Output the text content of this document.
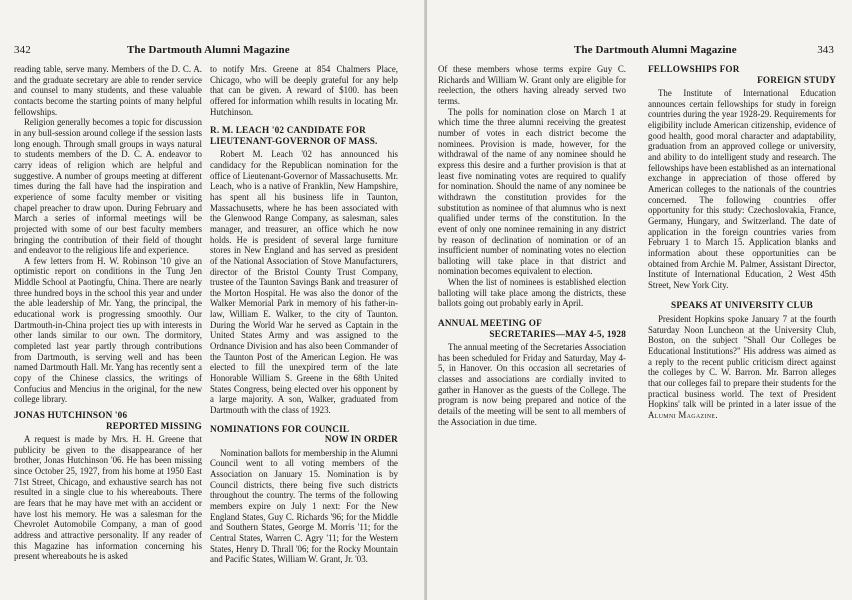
342	The Dartmouth Alumni Magazine

reading table, serve many. Members of the D. C. A. and the graduate secretary are able to render service and counsel to many students, and these valuable contacts become the starting points of many helpful fellowships.

Religion generally becomes a topic for discussion in any bull-session around college if the session lasts long enough. Through small groups in ways natural to students members of the D. C. A. endeavor to carry ideas of religion which are helpful and suggestive. A number of groups meeting at different times during the fall have had the inspiration and experience of some faculty member or visiting chapel preacher to draw upon. During February and March a series of informal meetings will be projected with some of our best faculty members bringing the contribution of their field of thought and endeavor to the religious life and experience.

A few letters from H. W. Robinson '10 give an optimistic report on conditions in the Tung Jen Middle School at Paotingfu, China. There are nearly three hundred boys in the school this year and under the able leadership of Mr. Yang, the principal, the educational work is progressing smoothly. Our Dartmouth-in-China project ties up with interests in other lands similar to our own. The dormitory, completed last year partly through contributions from Dartmouth, is serving well and has been named Dartmouth Hall. Mr. Yang has recently sent a copy of the Chinese classics, the writings of Confucius and Mencius in the original, for the new college library.

JONAS HUTCHINSON '06
REPORTED MISSING

A request is made by Mrs. H. H. Greene that publicity be given to the disappearance of her brother, Jonas Hutchinson '06. He has been missing since October 25, 1927, from his home at 1950 East 71st Street, Chicago, and exhaustive search has not resulted in a single clue to his whereabouts. There are fears that he may have met with an accident or have lost his memory. He was a salesman for the Chevrolet Automobile Company, a man of good address and attractive personality. If any reader of this Magazine has information concerning his present whereabouts he is asked

to notify Mrs. Greene at 854 Chalmers Place, Chicago, who will be deeply grateful for any help that can be given. A reward of $100. has been offered for information whilh results in locating Mr. Hutchinson.

R. M. LEACH '02 CANDIDATE FOR
LIEUTENANT-GOVERNOR OF MASS.

Robert M. Leach '02 has announced his candidacy for the Republican nomination for the office of Lieutenant-Governor of Massachusetts. Mr. Leach, who is a native of Franklin, New Hampshire, has spent all his business life in Taunton, Massachusetts, where he has been associated with the Glenwood Range Company, as salesman, sales manager, and treasurer, an office which he now holds. He is president of several large furniture stores in New England and has served as president of the National Association of Stove Manufacturers, director of the Bristol County Trust Company, trustee of the Taunton Savings Bank and treasurer of the Morton Hospital. He was also the donor of the Walker Memorial Park in memory of his father-in-law, William E. Walker, to the city of Taunton. During the World War he served as Captain in the United States Army and was assigned to the Ordnance Division and has also been Commander of the Taunton Post of the American Legion. He was elected to fill the unexpired term of the late Honorable William S. Greene in the 68th United States Congress, being elected over his opponent by a large majority. A son, Walker, graduated from Dartmouth with the class of 1923.

NOMINATIONS FOR COUNCIL
NOW IN ORDER

Nomination ballots for membership in the Alumni Council went to all voting members of the Association on January 15. Nomination is by Council districts, there being five such districts throughout the country. The terms of the following members expire on July 1 next: For the New England States, Guy C. Richards '96; for the Middle and Southern States, George M. Morris '11; for the Central States, Warren C. Agry '11; for the Western States, Henry D. Thrall '06; for the Rocky Mountain and Pacific States, William W. Grant, Jr. '03.

The Dartmouth Alumni Magazine	343

Of these members whose terms expire Guy C. Richards and William W. Grant only are eligible for reelection, the others having already served two terms.

The polls for nomination close on March 1 at which time the three alumni receiving the greatest number of votes in each district become the nominees. Provision is made, however, for the withdrawal of the name of any nominee should he express this desire and a further provision is that at least five nominating votes are required to qualify for nomination. Should the name of any nominee be withdrawn the constitution provides for the substitution as nominee of that alumnus who is next qualified under terms of the constitution. In the event of only one nominee remaining in any district by reason of declination of nomination or of an insufficient number of nominating votes no election balloting will take place in that district and nomination becomes equivalent to election.

When the list of nominees is established election balloting will take place among the districts, these ballots going out probably early in April.

ANNUAL MEETING OF
SECRETARIES—MAY 4-5, 1928

The annual meeting of the Secretaries Association has been scheduled for Friday and Saturday, May 4-5, in Hanover. On this occasion all secretaries of classes and associations are cordially invited to gather in Hanover as the guests of the College. The program is now being prepared and notice of the details of the meeting will be sent to all members of the Association in due time.

FELLOWSHIPS FOR
FOREIGN STUDY

The Institute of International Education announces certain fellowships for study in foreign countries during the year 1928-29. Requirements for eligibility include American citizenship, evidence of good health, good moral character and adaptability, graduation from an approved college or university, and ability to do intelligent study and research. The fellowships have been established as an international exchange in appreciation of those offered by American colleges to the nationals of the countries concerned. The following countries offer opportunity for this study: Czechoslovakia, France, Germany, Hungary, and Switzerland. The date of application in the foreign countries varies from February 1 to March 15. Application blanks and information about these opportunities can be obtained from Archie M. Palmer, Assistant Director, Institute of International Education, 2 West 45th Street, New York City.

SPEAKS AT UNIVERSITY CLUB

President Hopkins spoke January 7 at the fourth Saturday Noon Luncheon at the University Club, Boston, on the subject "Shall Our Colleges be Educational Institutions?" His address was aimed as a reply to the recent public criticism direct against the colleges by C. W. Barron. Mr. Barron alleges that our colleges fail to prepare their students for the practical business world. The text of President Hopkins' talk will be printed in a later issue of the Alumni Magazine.
